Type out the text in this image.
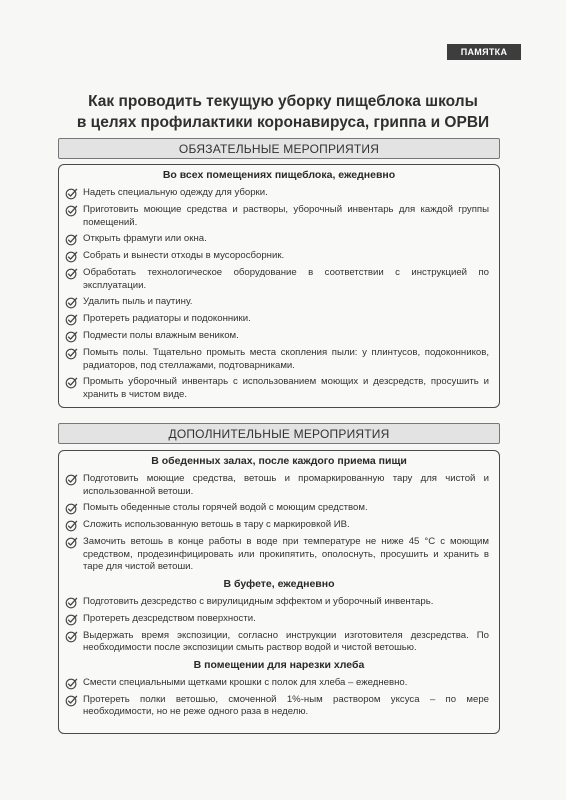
ПАМЯТКА
Как проводить текущую уборку пищеблока школы
в целях профилактики коронавируса, гриппа и ОРВИ
ОБЯЗАТЕЛЬНЫЕ МЕРОПРИЯТИЯ
Во всех помещениях пищеблока, ежедневно
Надеть специальную одежду для уборки.
Приготовить моющие средства и растворы, уборочный инвентарь для каждой группы помещений.
Открыть фрамуги или окна.
Собрать и вынести отходы в мусоросборник.
Обработать технологическое оборудование в соответствии с инструкцией по эксплуатации.
Удалить пыль и паутину.
Протереть радиаторы и подоконники.
Подмести полы влажным веником.
Помыть полы. Тщательно промыть места скопления пыли: у плинтусов, подоконников, радиаторов, под стеллажами, подтоварниками.
Промыть уборочный инвентарь с использованием моющих и дезсредств, просушить и хранить в чистом виде.
ДОПОЛНИТЕЛЬНЫЕ МЕРОПРИЯТИЯ
В обеденных залах, после каждого приема пищи
Подготовить моющие средства, ветошь и промаркированную тару для чистой и использованной ветоши.
Помыть обеденные столы горячей водой с моющим средством.
Сложить использованную ветошь в тару с маркировкой ИВ.
Замочить ветошь в конце работы в воде при температуре не ниже 45 °С с моющим средством, продезинфицировать или прокипятить, ополоснуть, просушить и хранить в таре для чистой ветоши.
В буфете, ежедневно
Подготовить дезсредство с вирулицидным эффектом и уборочный инвентарь.
Протереть дезсредством поверхности.
Выдержать время экспозиции, согласно инструкции изготовителя дезсредства. По необходимости после экспозиции смыть раствор водой и чистой ветошью.
В помещении для нарезки хлеба
Смести специальными щетками крошки с полок для хлеба – ежедневно.
Протереть полки ветошью, смоченной 1%-ным раствором уксуса – по мере необходимости, но не реже одного раза в неделю.
